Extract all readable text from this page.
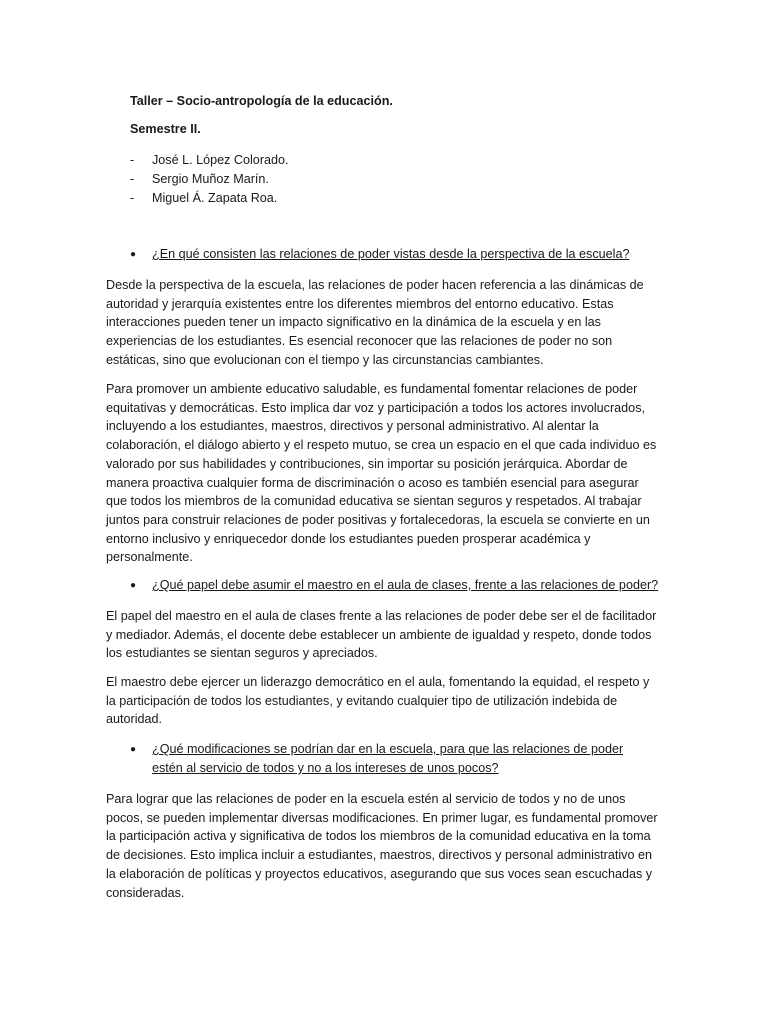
Taller – Socio-antropología de la educación.
Semestre II.
-	José L. López Colorado.
-	Sergio Muñoz Marín.
-	Miguel Á. Zapata Roa.
●	¿En qué consisten las relaciones de poder vistas desde la perspectiva de la escuela?

Desde la perspectiva de la escuela, las relaciones de poder hacen referencia a las dinámicas de autoridad y jerarquía existentes entre los diferentes miembros del entorno educativo. Estas interacciones pueden tener un impacto significativo en la dinámica de la escuela y en las experiencias de los estudiantes. Es esencial reconocer que las relaciones de poder no son estáticas, sino que evolucionan con el tiempo y las circunstancias cambiantes.

Para promover un ambiente educativo saludable, es fundamental fomentar relaciones de poder equitativas y democráticas. Esto implica dar voz y participación a todos los actores involucrados, incluyendo a los estudiantes, maestros, directivos y personal administrativo. Al alentar la colaboración, el diálogo abierto y el respeto mutuo, se crea un espacio en el que cada individuo es valorado por sus habilidades y contribuciones, sin importar su posición jerárquica. Abordar de manera proactiva cualquier forma de discriminación o acoso es también esencial para asegurar que todos los miembros de la comunidad educativa se sientan seguros y respetados. Al trabajar juntos para construir relaciones de poder positivas y fortalecedoras, la escuela se convierte en un entorno inclusivo y enriquecedor donde los estudiantes pueden prosperar académica y personalmente.

●	¿Qué papel debe asumir el maestro en el aula de clases, frente a las relaciones de poder?

El papel del maestro en el aula de clases frente a las relaciones de poder debe ser el de facilitador y mediador. Además, el docente debe establecer un ambiente de igualdad y respeto, donde todos los estudiantes se sientan seguros y apreciados.

El maestro debe ejercer un liderazgo democrático en el aula, fomentando la equidad, el respeto y la participación de todos los estudiantes, y evitando cualquier tipo de utilización indebida de autoridad.

●	¿Qué modificaciones se podrían dar en la escuela, para que las relaciones de poder estén al servicio de todos y no a los intereses de unos pocos?

Para lograr que las relaciones de poder en la escuela estén al servicio de todos y no de unos pocos, se pueden implementar diversas modificaciones. En primer lugar, es fundamental promover la participación activa y significativa de todos los miembros de la comunidad educativa en la toma de decisiones. Esto implica incluir a estudiantes, maestros, directivos y personal administrativo en la elaboración de políticas y proyectos educativos, asegurando que sus voces sean escuchadas y consideradas.
